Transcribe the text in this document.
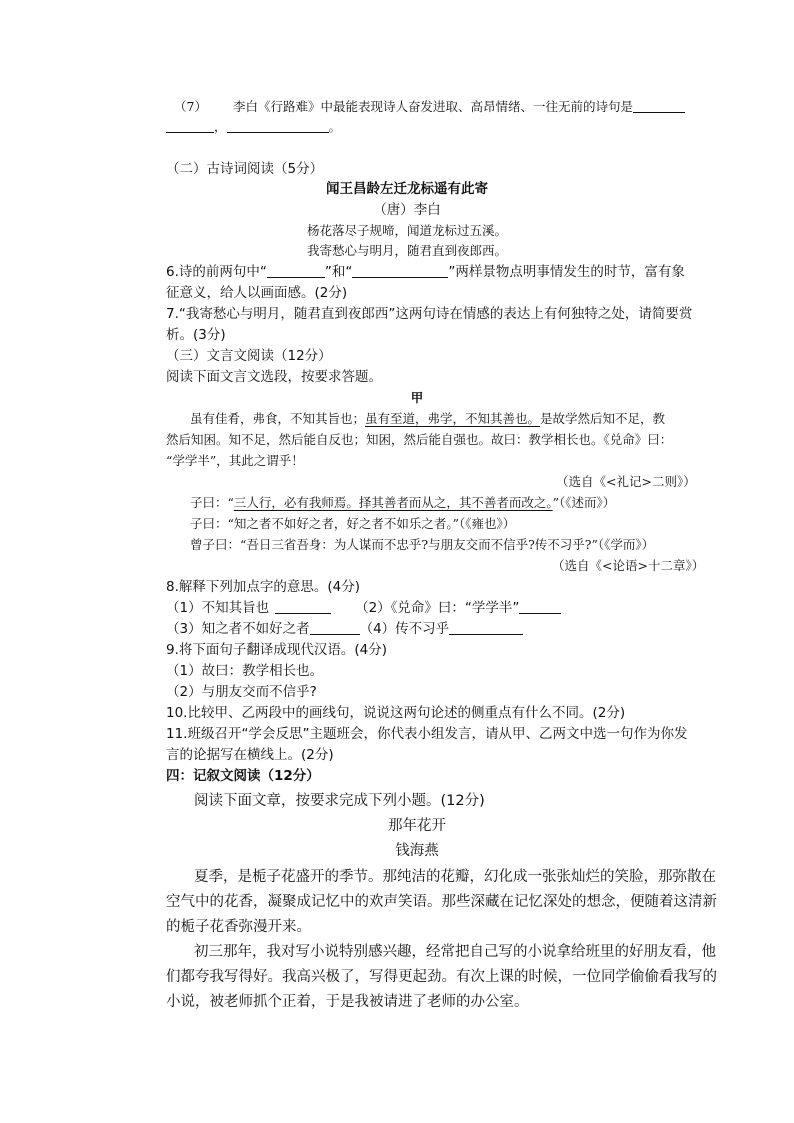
（7） 李白《行路难》中最能表现诗人奋发进取、高昂情绪、一往无前的诗句是
，	。
（二）古诗词阅读（5分）
闻王昌龄左迁龙标遥有此寄
（唐）李白
杨花落尽子规啼，闻道龙标过五溪。
我寄愁心与明月，随君直到夜郎西。
6.诗的前两句中“	”和“	”两样景物点明事情发生的时节，富有象
征意义，给人以画面感。(2分)
7.“我寄愁心与明月，随君直到夜郎西”这两句诗在情感的表达上有何独特之处，请简要赏
析。(3分)
（三）文言文阅读（12分）
阅读下面文言文选段，按要求答题。
甲
虽有佳肴，弗食，不知其旨也；虽有至道，弗学，不知其善也。是故学然后知不足，教
然后知困。知不足，然后能自反也；知困，然后能自强也。故曰：教学相长也。《兑命》曰：
“学学半”，其此之谓乎！
（选自《<礼记>二则》）
子曰：“三人行，必有我师焉。择其善者而从之，其不善者而改之。”（《述而》）
子曰：“知之者不如好之者，好之者不如乐之者。”（《雍也》）
曾子曰：“吾日三省吾身：为人谋而不忠乎?与朋友交而不信乎?传不习乎?”（《学而》）
（选自《<论语>十二章》）
8.解释下列加点字的意思。(4分)
（1）不知其旨也	（2）《兑命》曰：“学学半”
（3）知之者不如好之者	（4）传不习乎
9.将下面句子翻译成现代汉语。(4分)
（1）故曰：教学相长也。
（2）与朋友交而不信乎?
10.比较甲、乙两段中的画线句，说说这两句论述的侧重点有什么不同。(2分)
11.班级召开“学会反思”主题班会，你代表小组发言，请从甲、乙两文中选一句作为你发
言的论据写在横线上。(2分)
四：记叙文阅读（12分）
阅读下面文章，按要求完成下列小题。(12分)
那年花开
钱海燕
夏季，是栀子花盛开的季节。那纯洁的花瓣，幻化成一张张灿烂的笑脸，那弥散在
空气中的花香，凝聚成记忆中的欢声笑语。那些深藏在记忆深处的想念，便随着这清新
的栀子花香弥漫开来。
初三那年，我对写小说特别感兴趣，经常把自己写的小说拿给班里的好朋友看，他
们都夸我写得好。我高兴极了，写得更起劲。有次上课的时候，一位同学偷偷看我写的
小说，被老师抓个正着，于是我被请进了老师的办公室。
